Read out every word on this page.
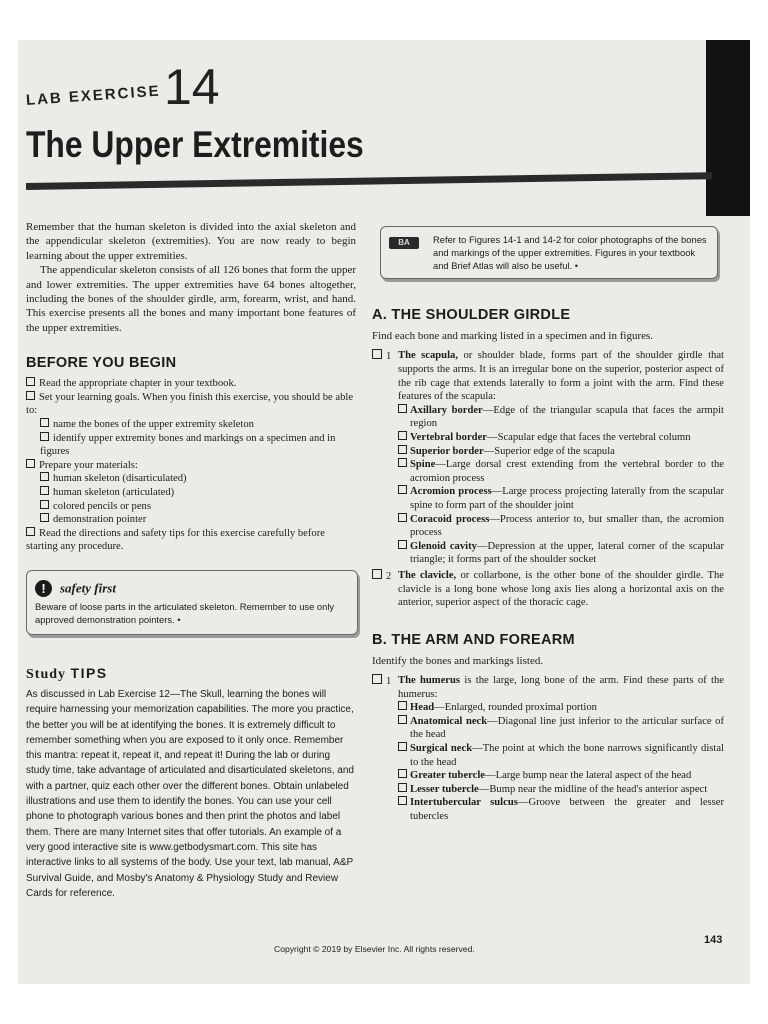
LAB EXERCISE 14
The Upper Extremities

Remember that the human skeleton is divided into the axial skeleton and the appendicular skeleton (extremities). You are now ready to begin learning about the upper extremities.

The appendicular skeleton consists of all 126 bones that form the upper and lower extremities. The upper extremities have 64 bones altogether, including the bones of the shoulder girdle, arm, forearm, wrist, and hand. This exercise presents all the bones and many important bone features of the upper extremities.

BEFORE YOU BEGIN
Read the appropriate chapter in your textbook.
Set your learning goals. When you finish this exercise, you should be able to:
name the bones of the upper extremity skeleton
identify upper extremity bones and markings on a specimen and in figures
Prepare your materials:
human skeleton (disarticulated)
human skeleton (articulated)
colored pencils or pens
demonstration pointer
Read the directions and safety tips for this exercise carefully before starting any procedure.
! safety first
Beware of loose parts in the articulated skeleton. Remember to use only approved demonstration pointers. •
Study TIPS

As discussed in Lab Exercise 12—The Skull, learning the bones will require harnessing your memorization capabilities. The more you practice, the better you will be at identifying the bones. It is extremely difficult to remember something when you are exposed to it only once. Remember this mantra: repeat it, repeat it, and repeat it! During the lab or during study time, take advantage of articulated and disarticulated skeletons, and with a partner, quiz each other over the different bones. Obtain unlabeled illustrations and use them to identify the bones. You can use your cell phone to photograph various bones and then print the photos and label them. There are many Internet sites that offer tutorials. An example of a very good interactive site is www.getbodysmart.com. This site has interactive links to all systems of the body. Use your text, lab manual, A&P Survival Guide, and Mosby's Anatomy & Physiology Study and Review Cards for reference.

BA	Refer to Figures 14-1 and 14-2 for color photographs of the bones and markings of the upper extremities. Figures in your textbook and Brief Atlas will also be useful. •
A. THE SHOULDER GIRDLE

Find each bone and marking listed in a specimen and in figures.

1 The scapula, or shoulder blade, forms part of the shoulder girdle that supports the arms. It is an irregular bone on the superior, posterior aspect of the rib cage that extends laterally to form a joint with the arm. Find these features of the scapula:
Axillary border—Edge of the triangular scapula that faces the armpit region
Vertebral border—Scapular edge that faces the vertebral column
Superior border—Superior edge of the scapula
Spine—Large dorsal crest extending from the vertebral border to the acromion process
Acromion process—Large process projecting laterally from the scapular spine to form part of the shoulder joint
Coracoid process—Process anterior to, but smaller than, the acromion process
Glenoid cavity—Depression at the upper, lateral corner of the scapular triangle; it forms part of the shoulder socket
2 The clavicle, or collarbone, is the other bone of the shoulder girdle. The clavicle is a long bone whose long axis lies along a horizontal axis on the anterior, superior aspect of the thoracic cage.
B. THE ARM AND FOREARM

Identify the bones and markings listed.

1 The humerus is the large, long bone of the arm. Find these parts of the humerus:
Head—Enlarged, rounded proximal portion
Anatomical neck—Diagonal line just inferior to the articular surface of the head
Surgical neck—The point at which the bone narrows significantly distal to the head
Greater tubercle—Large bump near the lateral aspect of the head
Lesser tubercle—Bump near the midline of the head's anterior aspect
Intertubercular sulcus—Groove between the greater and lesser tubercles
Copyright © 2019 by Elsevier Inc. All rights reserved.
143
